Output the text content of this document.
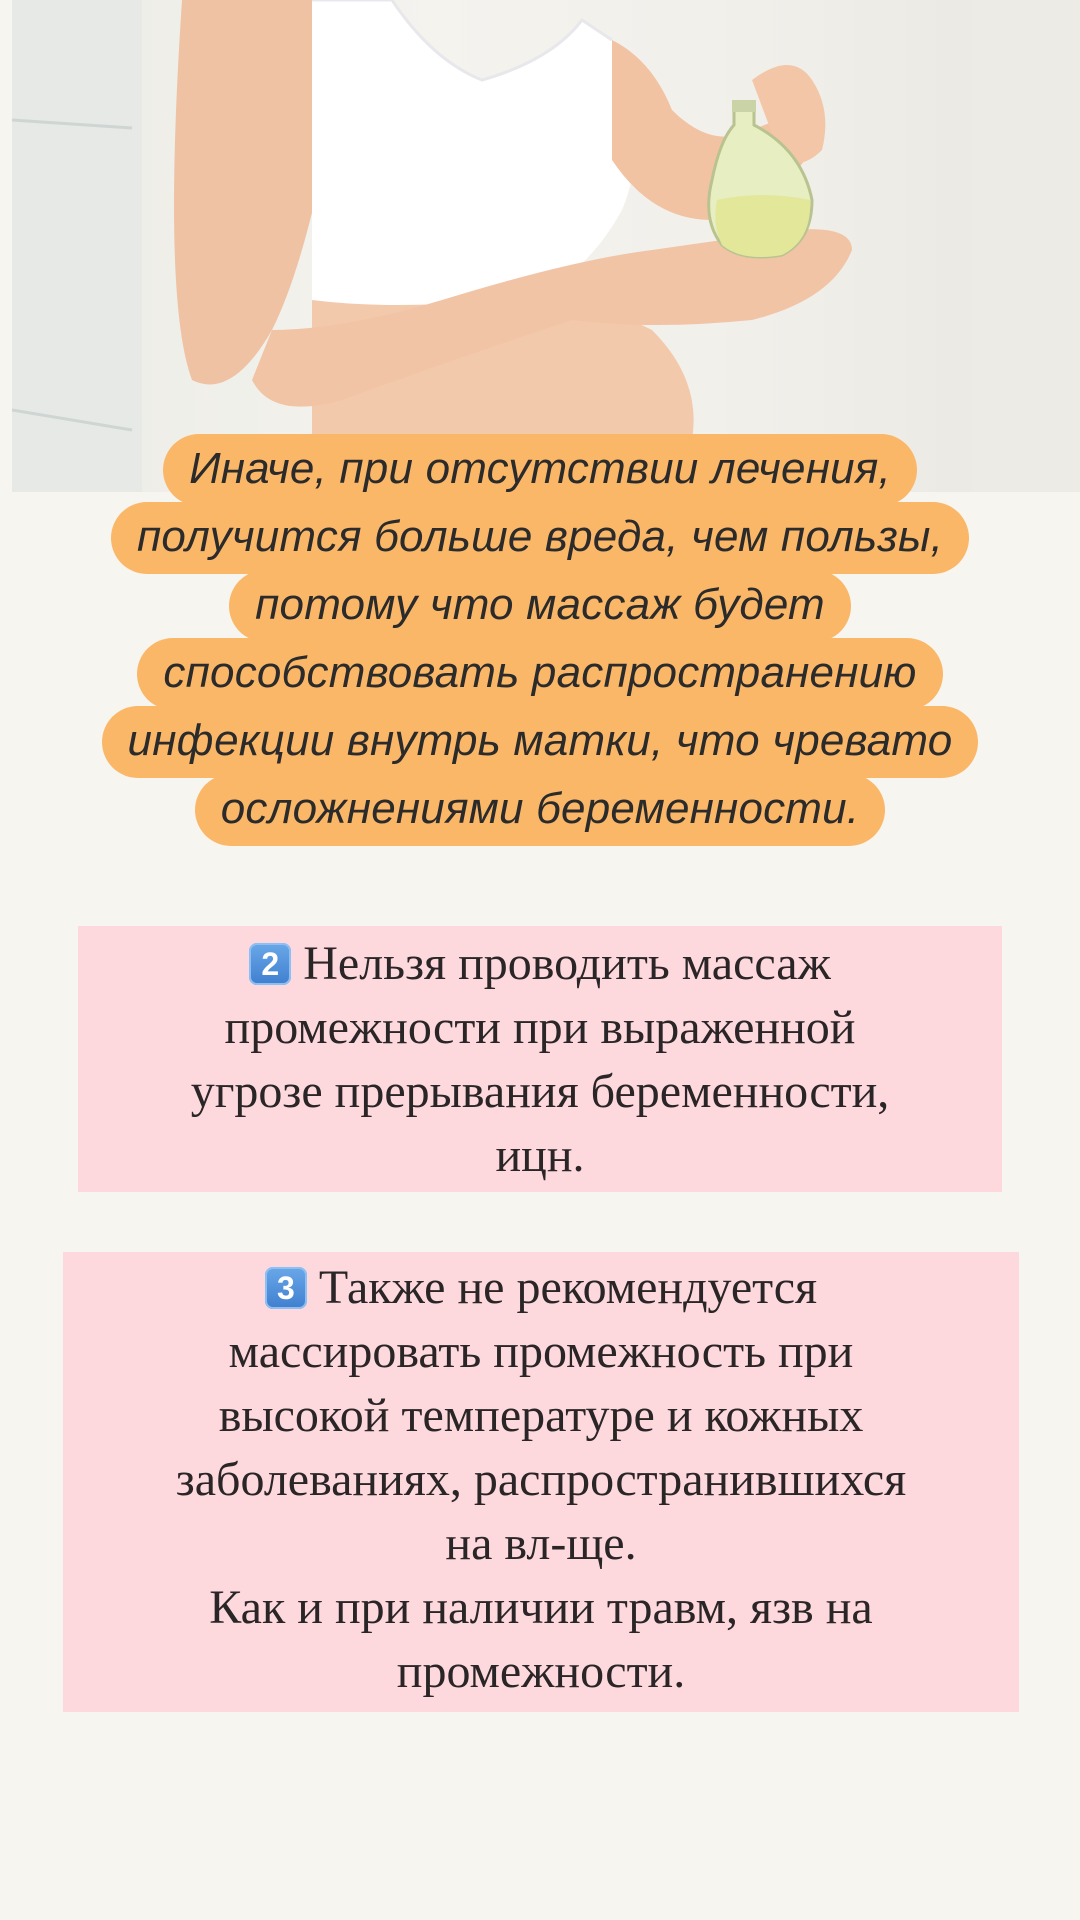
Иначе, при отсутствии лечения,
получится больше вреда, чем пользы,
потому что массаж будет
способствовать распространению
инфекции внутрь матки, что чревато
осложнениями беременности.
2 Нельзя проводить массаж
промежности при выраженной
угрозе прерывания беременности,
ицн.
3 Также не рекомендуется
массировать промежность при
высокой температуре и кожных
заболеваниях, распространившихся
на вл-ще.
Как и при наличии травм, язв на
промежности.
